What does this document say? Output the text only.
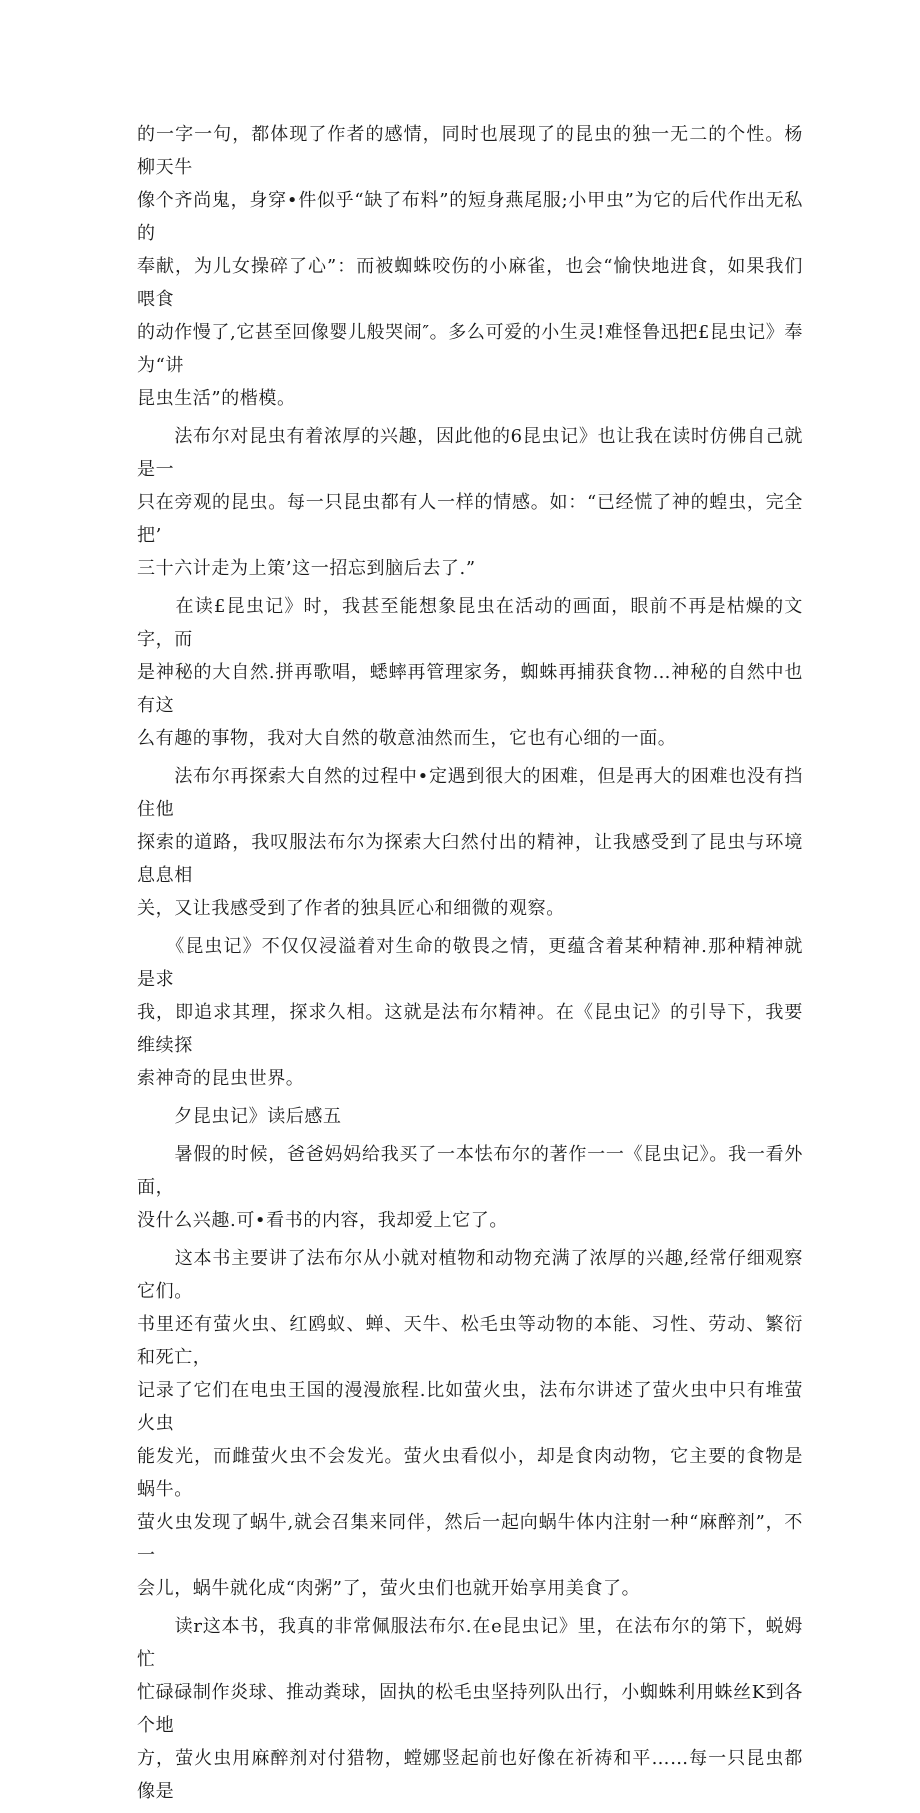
的一字一句，都体现了作者的感情，同时也展现了的昆虫的独一无二的个性。杨柳天牛
像个齐尚鬼，身穿•件似乎“缺了布料”的短身燕尾服;小甲虫”为它的后代作出无私的
奉献，为儿女操碎了心”：而被蜘蛛咬伤的小麻雀，也会“愉快地进食，如果我们喂食
的动作慢了,它甚至回像婴儿般哭闹″。多么可爱的小生灵!难怪鲁迅把£昆虫记》奉为“讲
昆虫生活”的楷模。

　　法布尔对昆虫有着浓厚的兴趣，因此他的6昆虫记》也让我在读时仿佛自己就是一
只在旁观的昆虫。每一只昆虫都有人一样的情感。如：“已经慌了神的蝗虫，完全把’
三十六计走为上策’这一招忘到脑后去了.”

　　在读£昆虫记》时，我甚至能想象昆虫在活动的画面，眼前不再是枯燥的文字，而
是神秘的大自然.拼再歌唱，蟋蟀再管理家务，蜘蛛再捕获食物…神秘的自然中也有这
么有趣的事物，我对大自然的敬意油然而生，它也有心细的一面。

　　法布尔再探索大自然的过程中•定遇到很大的困难，但是再大的困难也没有挡住他
探索的道路，我叹服法布尔为探索大臼然付出的精神，让我感受到了昆虫与环境息息相
关，又让我感受到了作者的独具匠心和细微的观察。

　　《昆虫记》不仅仅浸溢着对生命的敬畏之情，更蕴含着某种精神.那种精神就是求
我，即追求其理，探求久相。这就是法布尔精神。在《昆虫记》的引导下，我要维续探
索神奇的昆虫世界。

　　夕昆虫记》读后感五

　　暑假的时候，爸爸妈妈给我买了一本怯布尔的著作一一《昆虫记》。我一看外面，
没什么兴趣.可•看书的内容，我却爱上它了。

　　这本书主要讲了法布尔从小就对植物和动物充满了浓厚的兴趣,经常仔细观察它们。
书里还有萤火虫、红鸥蚁、蝉、天牛、松毛虫等动物的本能、习性、劳动、繁衍和死亡，
记录了它们在电虫王国的漫漫旅程.比如萤火虫，法布尔讲述了萤火虫中只有堆萤火虫
能发光，而雌萤火虫不会发光。萤火虫看似小，却是食肉动物，它主要的食物是蜗牛。
萤火虫发现了蜗牛,就会召集来同伴，然后一起向蜗牛体内注射一种“麻醉剂”，不一
会儿，蜗牛就化成“肉粥”了，萤火虫们也就开始享用美食了。

　　读r这本书，我真的非常佩服法布尔.在e昆虫记》里，在法布尔的第下，蜕姆忙
忙碌碌制作炎球、推动粪球，固执的松毛虫坚持列队出行，小蜘蛛利用蛛丝K到各个地
方，萤火虫用麻醉剂对付猎物，螳娜竖起前也好像在祈祷和平……每一只昆虫都像是
